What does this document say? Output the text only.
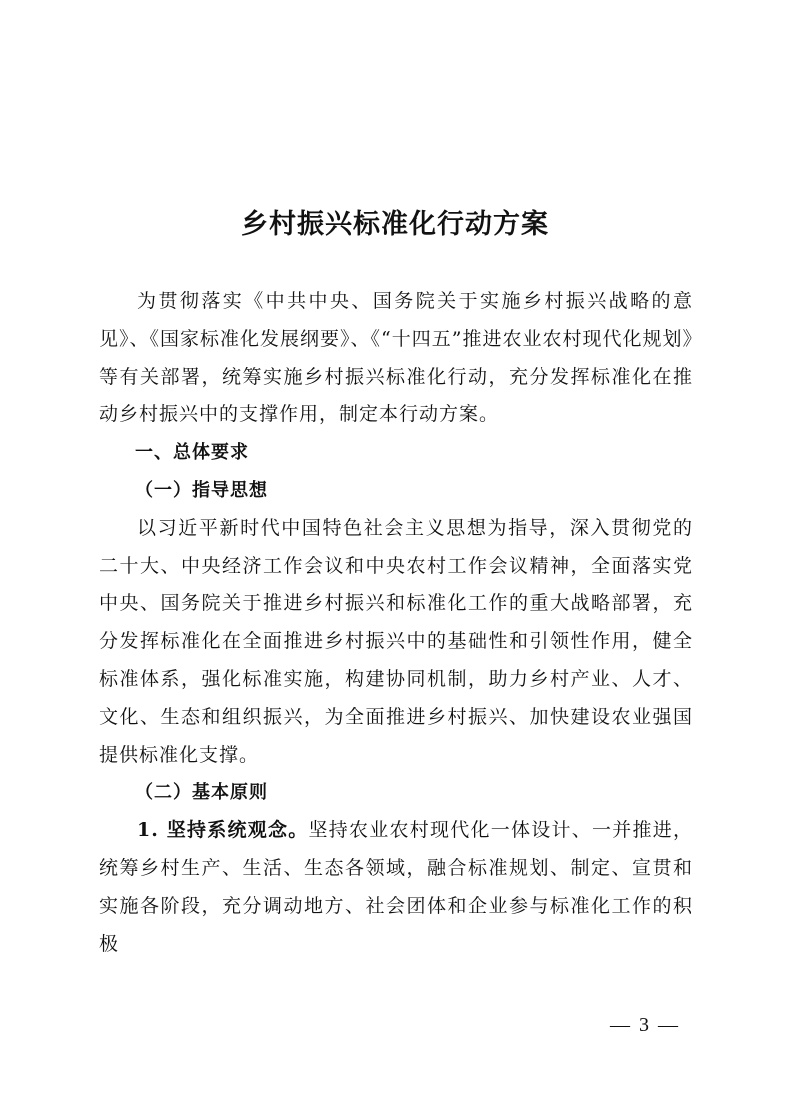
乡村振兴标准化行动方案

为贯彻落实《中共中央、国务院关于实施乡村振兴战略的意见》、《国家标准化发展纲要》、《“十四五”推进农业农村现代化规划》等有关部署，统筹实施乡村振兴标准化行动，充分发挥标准化在推动乡村振兴中的支撑作用，制定本行动方案。

一、总体要求

（一）指导思想

以习近平新时代中国特色社会主义思想为指导，深入贯彻党的二十大、中央经济工作会议和中央农村工作会议精神，全面落实党中央、国务院关于推进乡村振兴和标准化工作的重大战略部署，充分发挥标准化在全面推进乡村振兴中的基础性和引领性作用，健全标准体系，强化标准实施，构建协同机制，助力乡村产业、人才、文化、生态和组织振兴，为全面推进乡村振兴、加快建设农业强国提供标准化支撑。

（二）基本原则

1. 坚持系统观念。坚持农业农村现代化一体设计、一并推进，统筹乡村生产、生活、生态各领域，融合标准规划、制定、宣贯和实施各阶段，充分调动地方、社会团体和企业参与标准化工作的积极

— 3 —
